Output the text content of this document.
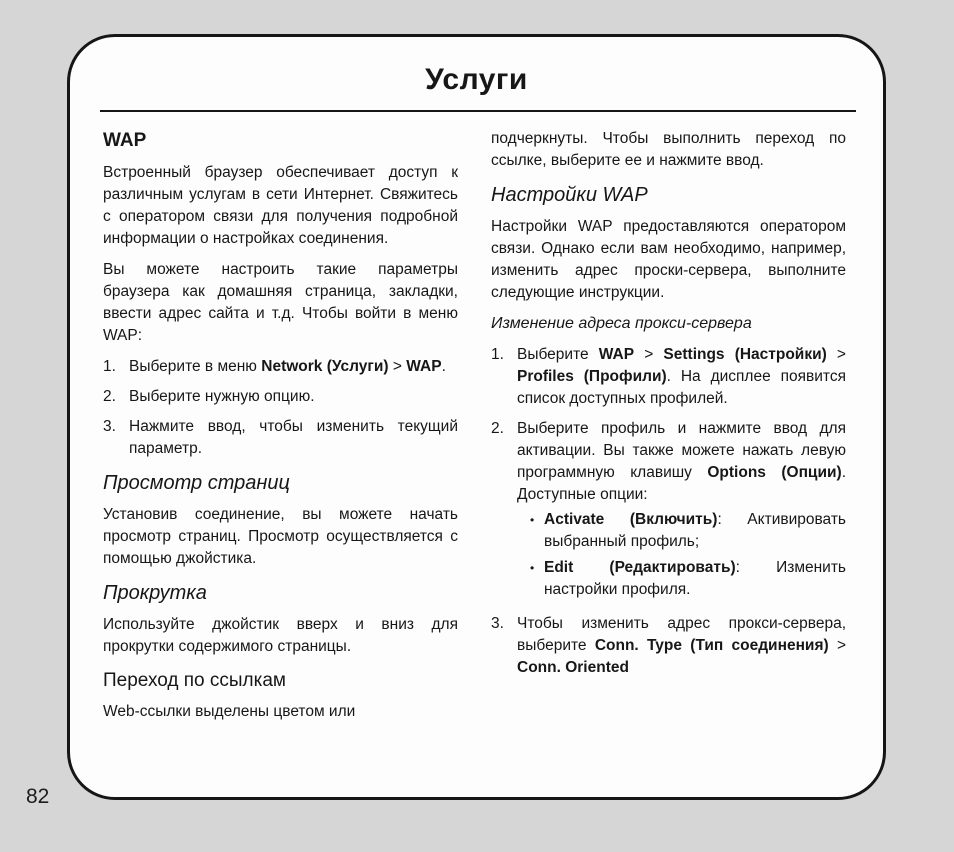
Услуги
WAP

Встроенный браузер обеспечивает доступ к различным услугам в сети Интернет. Свяжитесь с оператором связи для получения подробной информации о настройках соединения.

Вы можете настроить такие параметры браузера как домашняя страница, закладки, ввести адрес сайта и т.д. Чтобы войти в меню WAP:

1. Выберите в меню Network (Услуги) > WAP.
2. Выберите нужную опцию.
3. Нажмите ввод, чтобы изменить текущий параметр.
Просмотр страниц

Установив соединение, вы можете начать просмотр страниц. Просмотр осуществляется с помощью джойстика.

Прокрутка

Используйте джойстик вверх и вниз для прокрутки содержимого страницы.

Переход по ссылкам

Web-ссылки выделены цветом или

подчеркнуты. Чтобы выполнить переход по ссылке, выберите ее и нажмите ввод.

Настройки WAP

Настройки WAP предоставляются оператором связи. Однако если вам необходимо, например, изменить адрес проски-сервера, выполните следующие инструкции.

Изменение адреса прокси-сервера
1. Выберите WAP > Settings (Настройки) > Profiles (Профили). На дисплее появится список доступных профилей.
2. Выберите профиль и нажмите ввод для активации. Вы также можете нажать левую программную клавишу Options (Опции). Доступные опции:
• Activate (Включить): Активировать выбранный профиль;
• Edit (Редактировать): Изменить настройки профиля.
3. Чтобы изменить адрес прокси-сервера, выберите Conn. Type (Тип соединения) > Conn. Oriented
82
